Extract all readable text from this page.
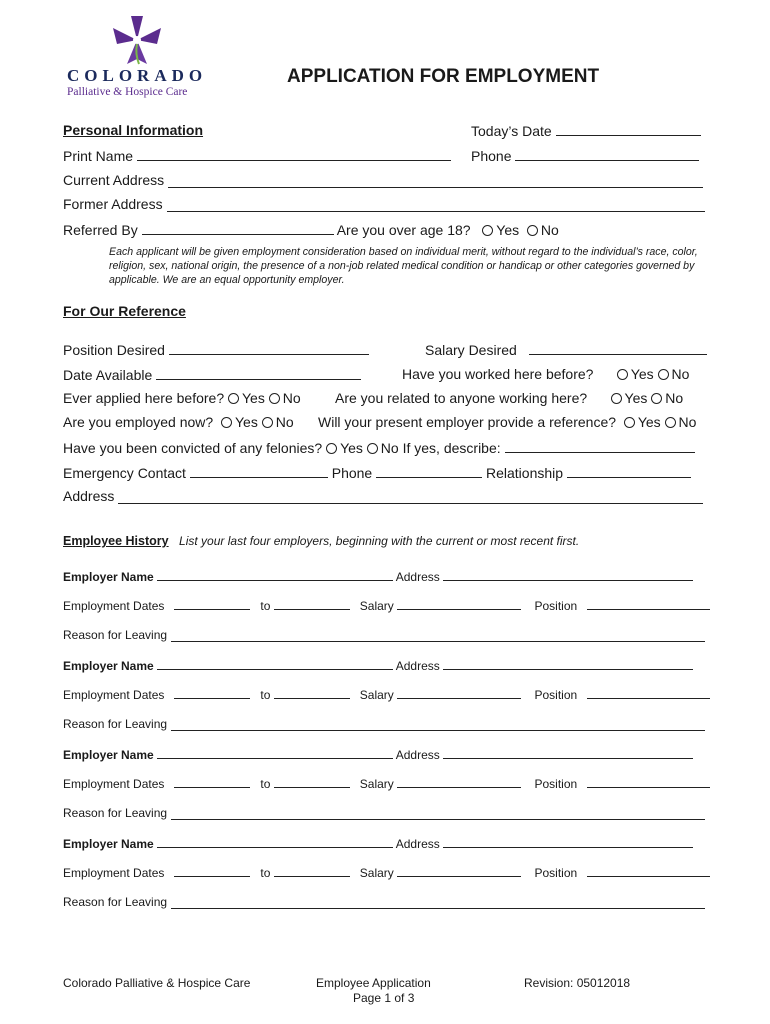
COLORADO
Palliative & Hospice Care
APPLICATION FOR EMPLOYMENT
Personal Information	Today’s Date
Print Name	Phone
Current Address
Former Address
Referred By	Are you over age 18? Yes No
Each applicant will be given employment consideration based on individual merit, without regard to the individual’s race, color, religion, sex, national origin, the presence of a non-job related medical condition or handicap or other categories governed by applicable. We are an equal opportunity employer.
For Our Reference
Position Desired	Salary Desired
Date Available	Have you worked here before?	Yes No
Ever applied here before? Yes No Are you related to anyone working here?	Yes No
Are you employed now? Yes No Will your present employer provide a reference? Yes No
Have you been convicted of any felonies? Yes No If yes, describe:
Emergency Contact	Phone	Relationship
Address
Employee History List your last four employers, beginning with the current or most recent first.
Employer Name	Address
Employment Dates	to	Salary	Position
Reason for Leaving
Employer Name	Address
Employment Dates	to	Salary	Position
Reason for Leaving
Employer Name	Address
Employment Dates	to	Salary	Position
Reason for Leaving
Employer Name	Address
Employment Dates	to	Salary	Position
Reason for Leaving
Colorado Palliative & Hospice Care	Employee Application
Page 1 of 3
Revision: 05012018
